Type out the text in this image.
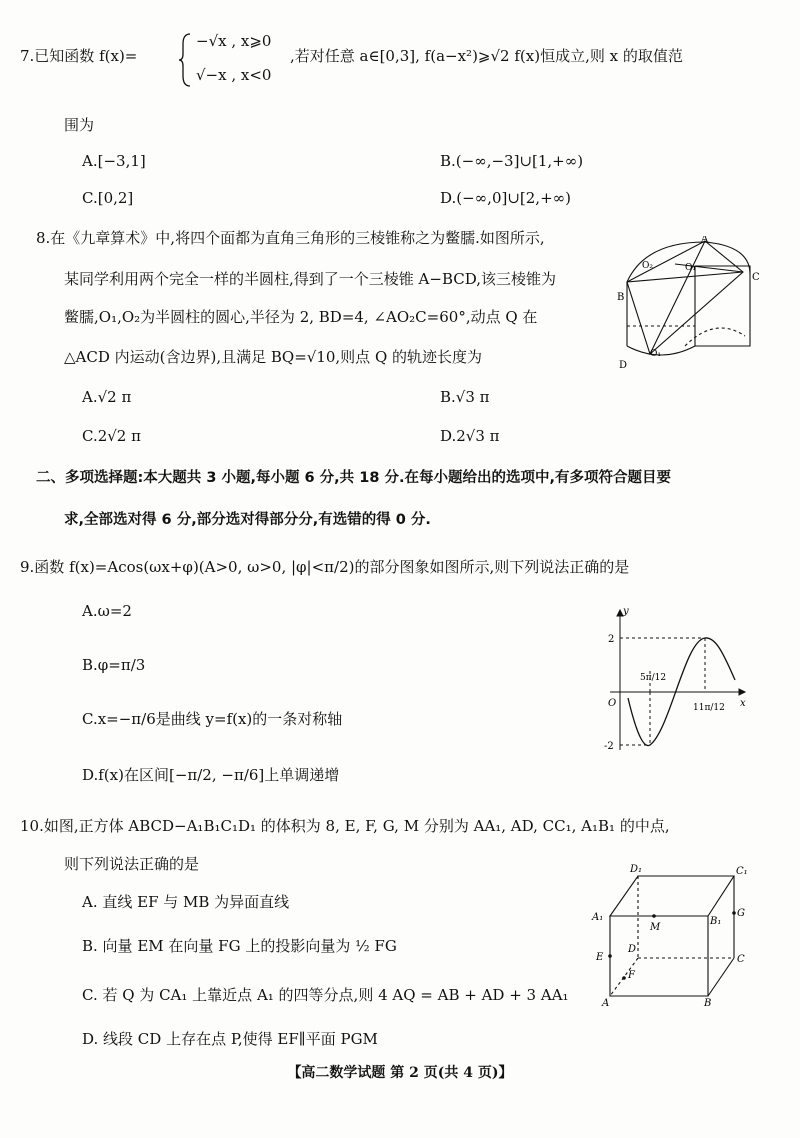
7.已知函数 f(x)=
−√x , x⩾0
√−x , x<0
,若对任意 a∈[0,3], f(a−x²)⩾√2 f(x)恒成立,则 x 的取值范
围为
A.[−3,1]	B.(−∞,−3]∪[1,+∞)
C.[0,2]	D.(−∞,0]∪[2,+∞)
8.在《九章算术》中,将四个面都为直角三角形的三棱锥称之为鳖臑.如图所示,
某同学利用两个完全一样的半圆柱,得到了一个三棱锥 A−BCD,该三棱锥为
鳖臑,O₁,O₂为半圆柱的圆心,半径为 2, BD=4, ∠AO₂C=60°,动点 Q 在
△ACD 内运动(含边界),且满足 BQ=√10,则点 Q 的轨迹长度为
A.√2 π	B.√3 π
C.2√2 π	D.2√3 π
A
O₂	O₁
C
B
O₁
D
二、多项选择题:本大题共 3 小题,每小题 6 分,共 18 分.在每小题给出的选项中,有多项符合题目要
求,全部选对得 6 分,部分选对得部分分,有选错的得 0 分.
9.函数 f(x)=Acos(ωx+φ)(A>0, ω>0, |φ|<π/2)的部分图象如图所示,则下列说法正确的是
A.ω=2
B.φ=π/3
C.x=−π/6是曲线 y=f(x)的一条对称轴
D.f(x)在区间[−π/2, −π/6]上单调递增
y
x
O
2
-2
5π/12
11π/12
10.如图,正方体 ABCD−A₁B₁C₁D₁ 的体积为 8, E, F, G, M 分别为 AA₁, AD, CC₁, A₁B₁ 的中点,
则下列说法正确的是
A. 直线 EF 与 MB 为异面直线
B. 向量 EM 在向量 FG 上的投影向量为 ½ FG
C. 若 Q 为 CA₁ 上靠近点 A₁ 的四等分点,则 4 AQ = AB + AD + 3 AA₁
D. 线段 CD 上存在点 P,使得 EF∥平面 PGM
D₁	C₁
A₁	B₁
M
G
E
D
C
F
A	B
【高二数学试题 第 2 页(共 4 页)】
